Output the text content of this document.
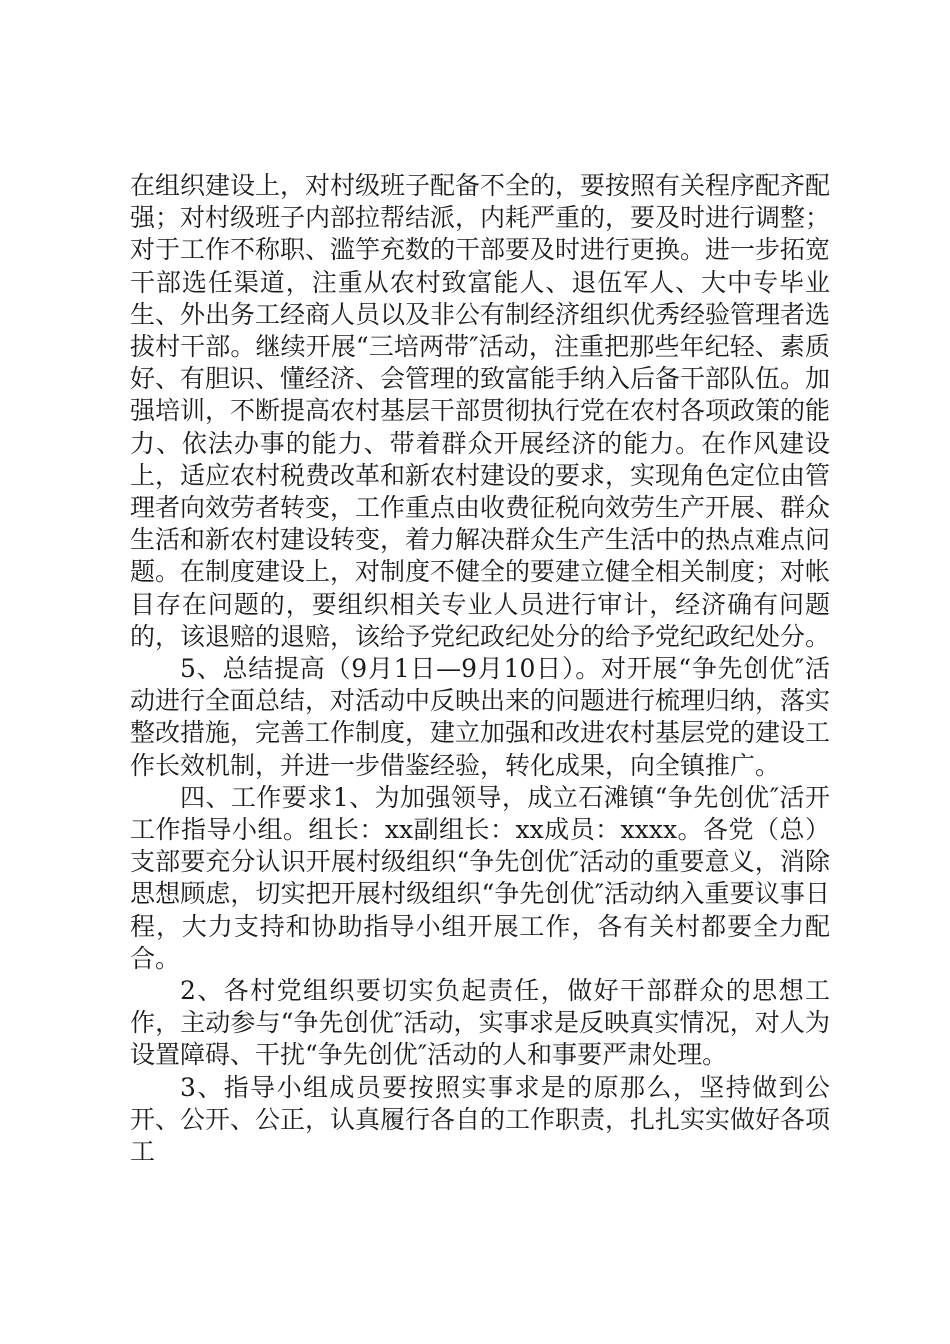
在组织建设上，对村级班子配备不全的，要按照有关程序配齐配强；对村级班子内部拉帮结派，内耗严重的，要及时进行调整；对于工作不称职、滥竽充数的干部要及时进行更换。进一步拓宽干部选任渠道，注重从农村致富能人、退伍军人、大中专毕业生、外出务工经商人员以及非公有制经济组织优秀经验管理者选拔村干部。继续开展“三培两带″活动，注重把那些年纪轻、素质好、有胆识、懂经济、会管理的致富能手纳入后备干部队伍。加强培训，不断提高农村基层干部贯彻执行党在农村各项政策的能力、依法办事的能力、带着群众开展经济的能力。在作风建设上，适应农村税费改革和新农村建设的要求，实现角色定位由管理者向效劳者转变，工作重点由收费征税向效劳生产开展、群众生活和新农村建设转变，着力解决群众生产生活中的热点难点问题。在制度建设上，对制度不健全的要建立健全相关制度；对帐目存在问题的，要组织相关专业人员进行审计，经济确有问题的，该退赔的退赔，该给予党纪政纪处分的给予党纪政纪处分。

5、总结提高（9月1日—9月10日）。对开展“争先创优″活动进行全面总结，对活动中反映出来的问题进行梳理归纳，落实整改措施，完善工作制度，建立加强和改进农村基层党的建设工作长效机制，并进一步借鉴经验，转化成果，向全镇推广。

四、工作要求1、为加强领导，成立石滩镇“争先创优″活开工作指导小组。组长：xx副组长：xx成员：xxxx。各党（总）支部要充分认识开展村级组织“争先创优″活动的重要意义，消除思想顾虑，切实把开展村级组织“争先创优″活动纳入重要议事日程，大力支持和协助指导小组开展工作，各有关村都要全力配合。

2、各村党组织要切实负起责任，做好干部群众的思想工作，主动参与“争先创优″活动，实事求是反映真实情况，对人为设置障碍、干扰“争先创优″活动的人和事要严肃处理。

3、指导小组成员要按照实事求是的原那么，坚持做到公开、公开、公正，认真履行各自的工作职责，扎扎实实做好各项工
